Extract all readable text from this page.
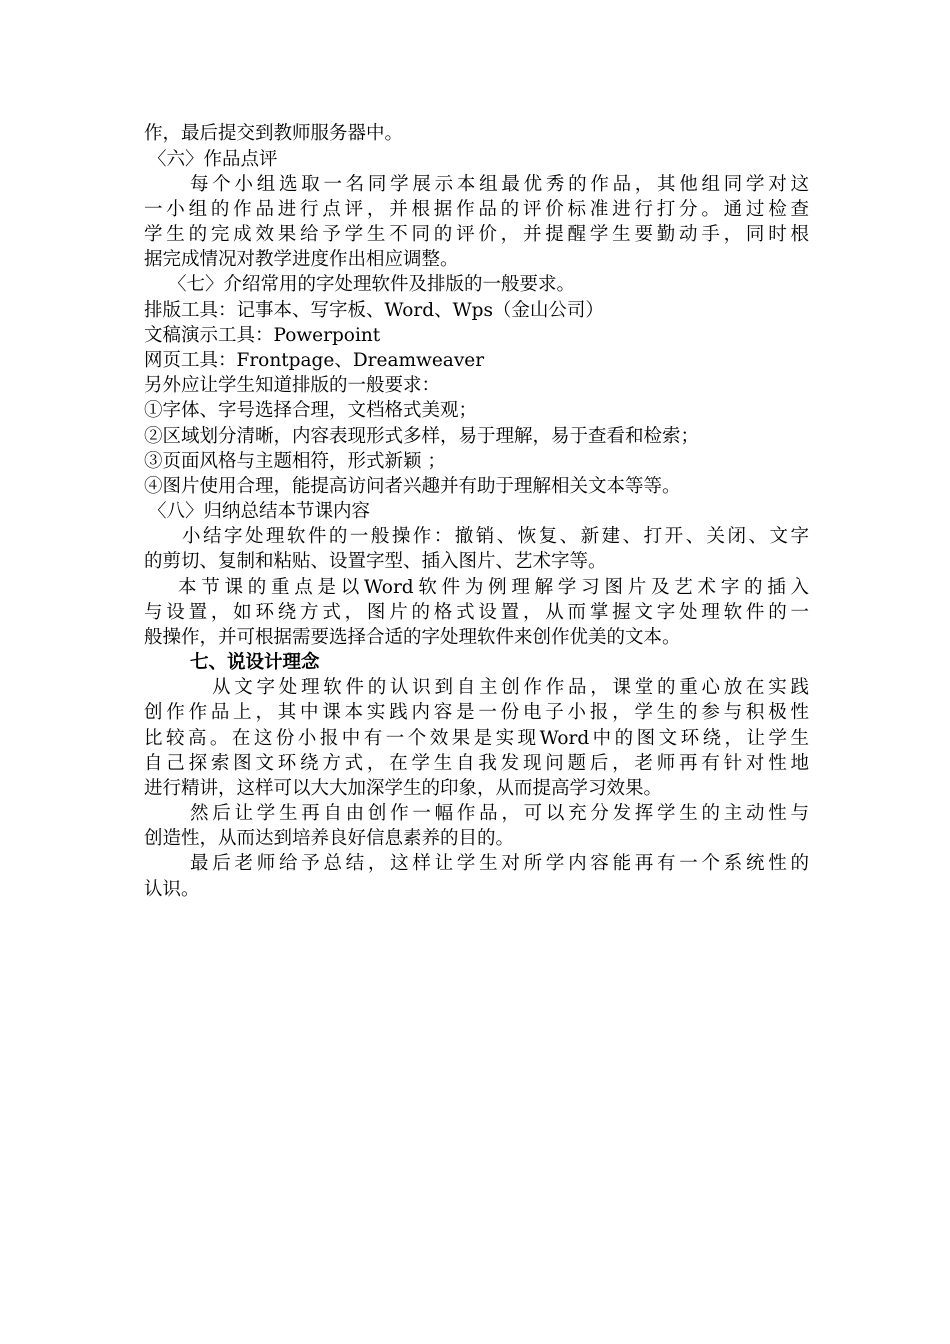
作，最后提交到教师服务器中。
〈六〉作品点评
每个小组选取一名同学展示本组最优秀的作品，其他组同学对这
一小组的作品进行点评，并根据作品的评价标准进行打分。通过检查
学生的完成效果给予学生不同的评价，并提醒学生要勤动手，同时根
据完成情况对教学进度作出相应调整。
〈七〉介绍常用的字处理软件及排版的一般要求。
排版工具：记事本、写字板、Word、Wps（金山公司）
文稿演示工具：Powerpoint
网页工具：Frontpage、Dreamweaver
另外应让学生知道排版的一般要求：
①字体、字号选择合理，文档格式美观；
②区域划分清晰，内容表现形式多样，易于理解，易于查看和检索；
③页面风格与主题相符，形式新颖 ；
④图片使用合理，能提高访问者兴趣并有助于理解相关文本等等。
〈八〉归纳总结本节课内容
小结字处理软件的一般操作：撤销、恢复、新建、打开、关闭、文字
的剪切、复制和粘贴、设置字型、插入图片、艺术字等。
本节课的重点是以Word软件为例理解学习图片及艺术字的插入
与设置，如环绕方式，图片的格式设置，从而掌握文字处理软件的一
般操作，并可根据需要选择合适的字处理软件来创作优美的文本。
七、说设计理念
从文字处理软件的认识到自主创作作品，课堂的重心放在实践
创作作品上，其中课本实践内容是一份电子小报，学生的参与积极性
比较高。在这份小报中有一个效果是实现Word中的图文环绕，让学生
自己探索图文环绕方式，在学生自我发现问题后，老师再有针对性地
进行精讲，这样可以大大加深学生的印象，从而提高学习效果。
然后让学生再自由创作一幅作品，可以充分发挥学生的主动性与
创造性，从而达到培养良好信息素养的目的。
最后老师给予总结，这样让学生对所学内容能再有一个系统性的
认识。
